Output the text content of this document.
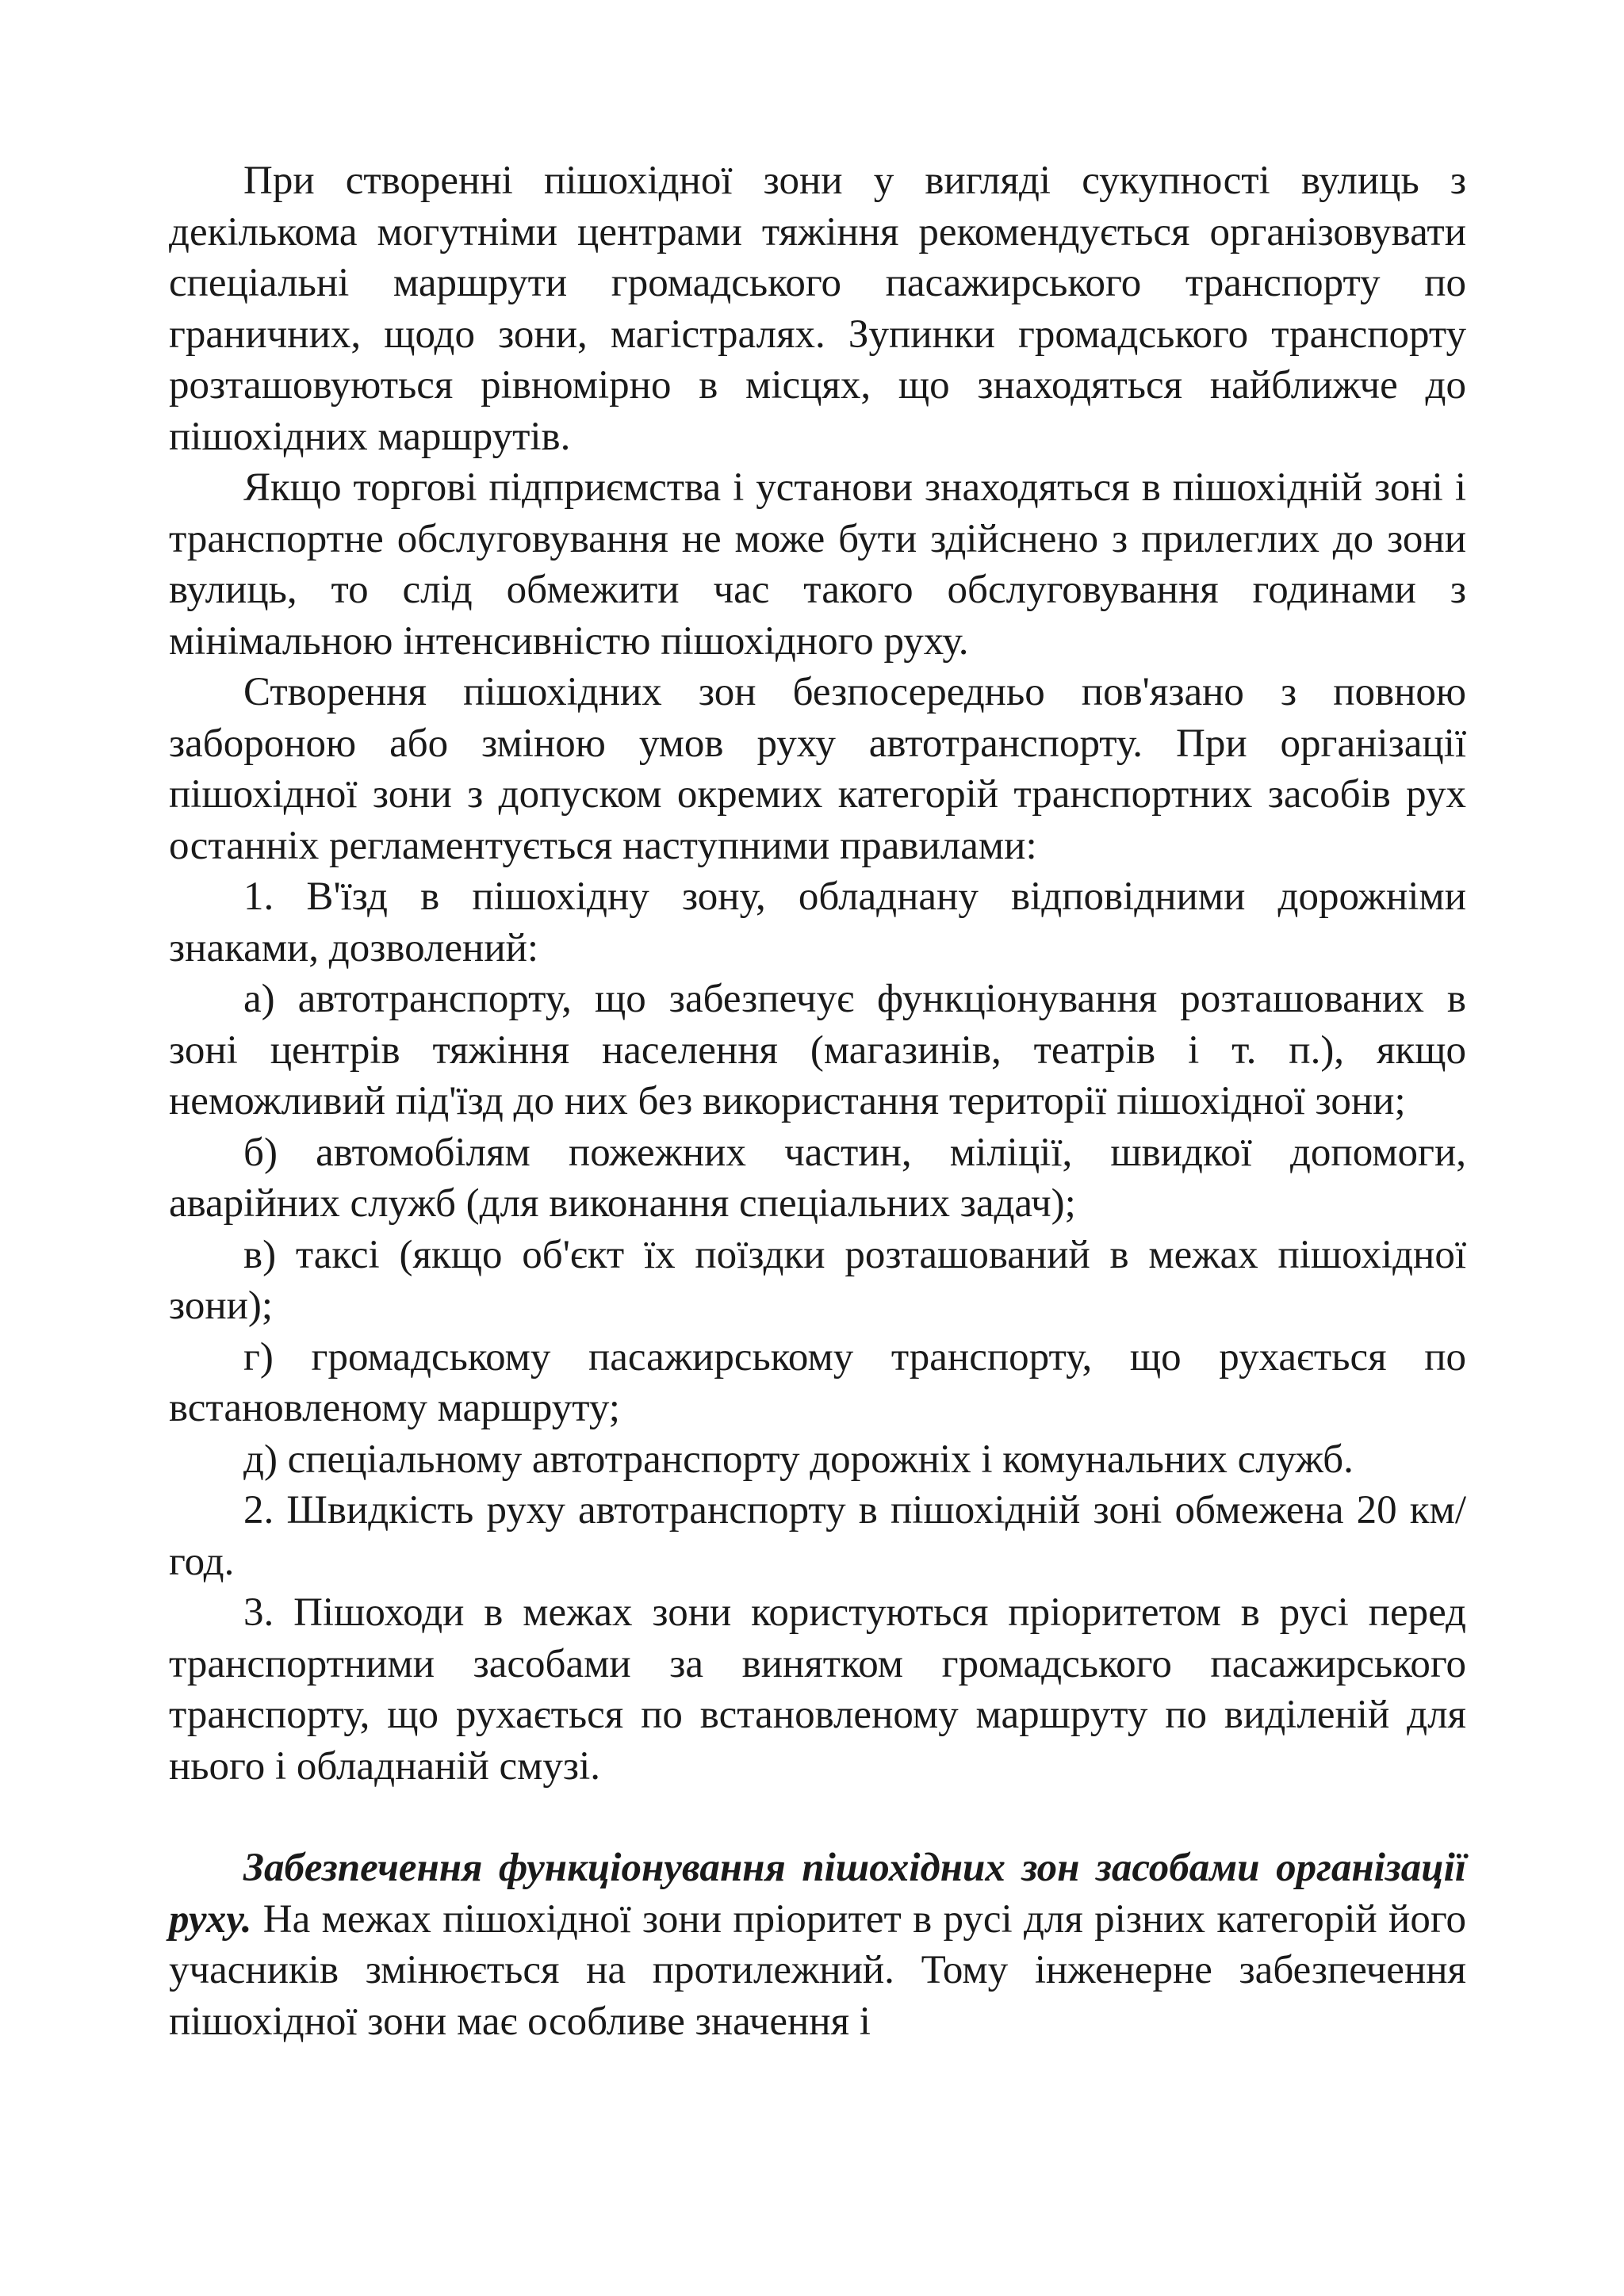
При створенні пішохідної зони у вигляді сукупності вулиць з декількома могутніми центрами тяжіння рекомендується організовувати спеціальні маршрути громадського пасажирського транспорту по граничних, щодо зони, магістралях. Зупинки громадського транспорту розташовуються рівномірно в місцях, що знаходяться найближче до пішохідних маршрутів.

Якщо торгові підприємства і установи знаходяться в пішохідній зоні і транспортне обслуговування не може бути здійснено з прилеглих до зони вулиць, то слід обмежити час такого обслуговування годинами з мінімальною інтенсивністю пішохідного руху.

Створення пішохідних зон безпосередньо пов'язано з повною забороною або зміною умов руху автотранспорту. При організації пішохідної зони з допуском окремих категорій транспортних засобів рух останніх регламентується наступними правилами:

1. В'їзд в пішохідну зону, обладнану відповідними дорожніми знаками, дозволений:

а) автотранспорту, що забезпечує функціонування розташованих в зоні центрів тяжіння населення (магазинів, театрів і т. п.), якщо неможливий під'їзд до них без використання території пішохідної зони;

б) автомобілям пожежних частин, міліції, швидкої допомоги, аварійних служб (для виконання спеціальних задач);

в) таксі (якщо об'єкт їх поїздки розташований в межах пішохідної зони);

г) громадському пасажирському транспорту, що рухається по встановленому маршруту;

д) спеціальному автотранспорту дорожніх і комунальних служб.

2. Швидкість руху автотранспорту в пішохідній зоні обмежена 20 км/год.

3. Пішоходи в межах зони користуються пріоритетом в русі перед транспортними засобами за винятком громадського пасажирського транспорту, що рухається по встановленому маршруту по виділеній для нього і обладнаній смузі.

Забезпечення функціонування пішохідних зон засобами організації руху. На межах пішохідної зони пріоритет в русі для різних категорій його учасників змінюється на протилежний. Тому інженерне забезпечення пішохідної зони має особливе значення і
